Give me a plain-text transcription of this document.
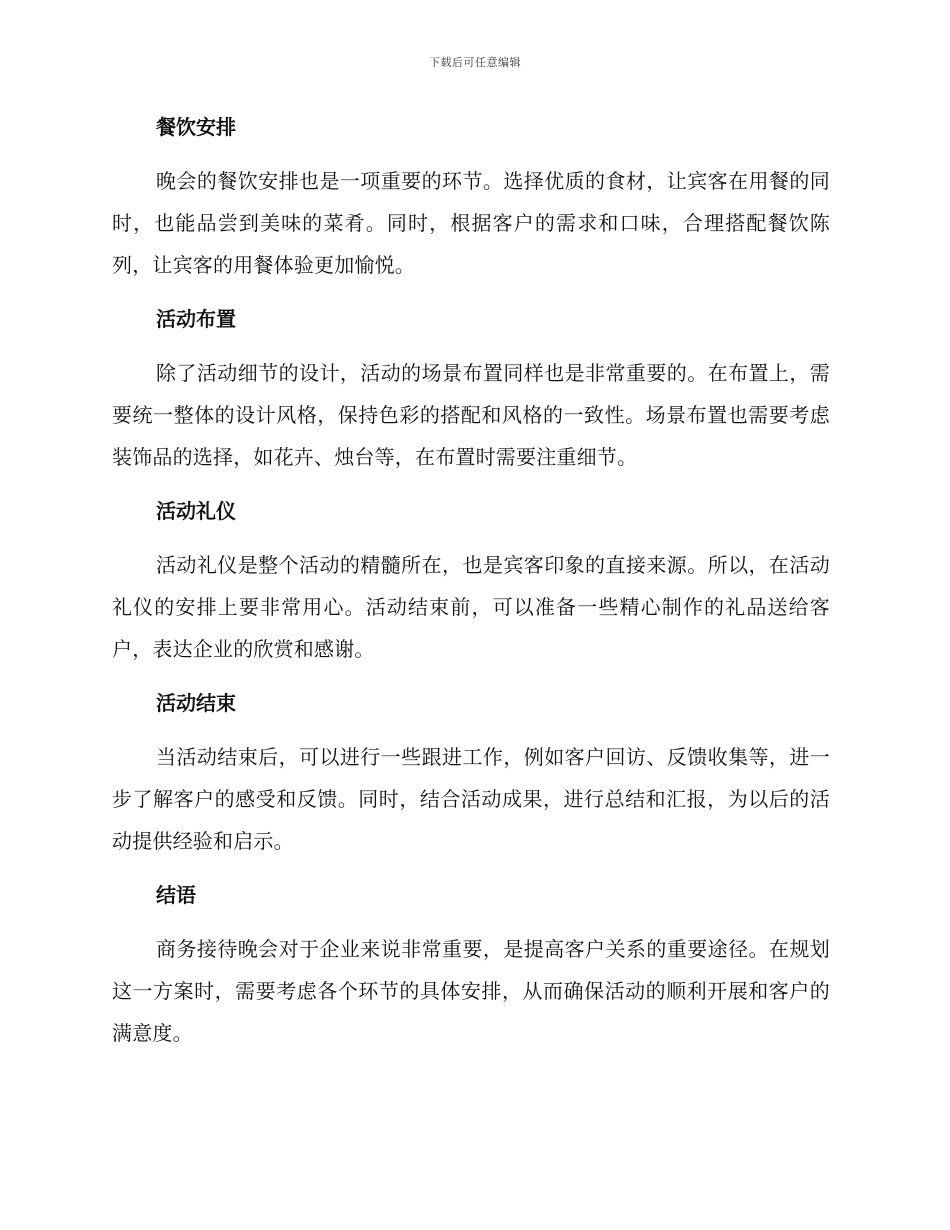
下载后可任意编辑
餐饮安排

晚会的餐饮安排也是一项重要的环节。选择优质的食材，让宾客在用餐的同时，也能品尝到美味的菜肴。同时，根据客户的需求和口味，合理搭配餐饮陈列，让宾客的用餐体验更加愉悦。

活动布置

除了活动细节的设计，活动的场景布置同样也是非常重要的。在布置上，需要统一整体的设计风格，保持色彩的搭配和风格的一致性。场景布置也需要考虑装饰品的选择，如花卉、烛台等，在布置时需要注重细节。

活动礼仪

活动礼仪是整个活动的精髓所在，也是宾客印象的直接来源。所以，在活动礼仪的安排上要非常用心。活动结束前，可以准备一些精心制作的礼品送给客户，表达企业的欣赏和感谢。

活动结束

当活动结束后，可以进行一些跟进工作，例如客户回访、反馈收集等，进一步了解客户的感受和反馈。同时，结合活动成果，进行总结和汇报，为以后的活动提供经验和启示。

结语

商务接待晚会对于企业来说非常重要，是提高客户关系的重要途径。在规划这一方案时，需要考虑各个环节的具体安排，从而确保活动的顺利开展和客户的满意度。
